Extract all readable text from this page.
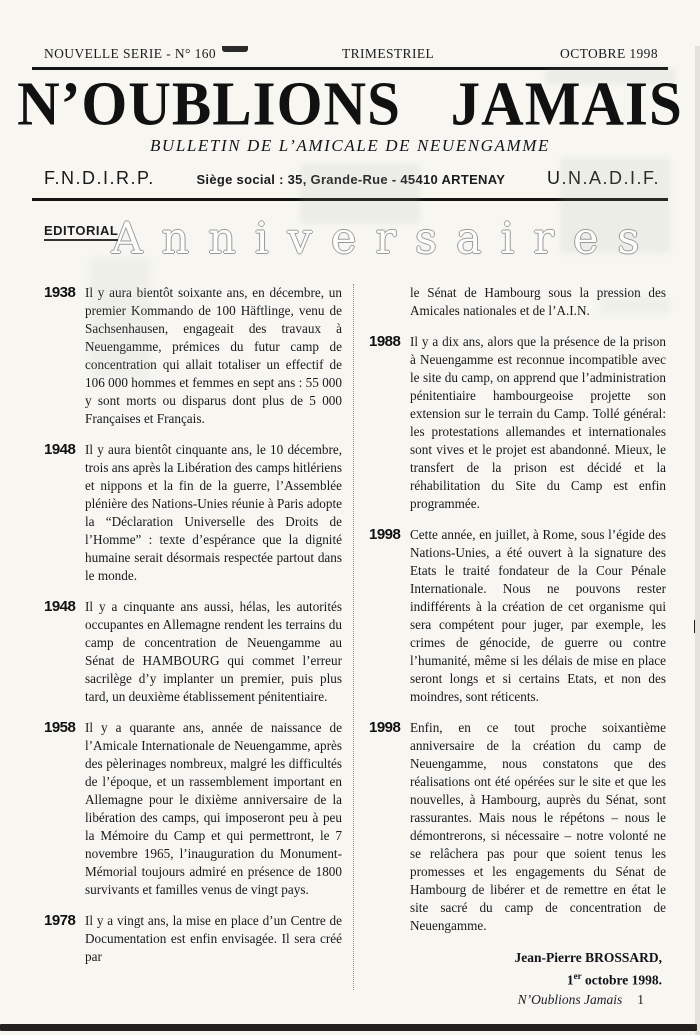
NOUVELLE SERIE - N° 160	TRIMESTRIEL	OCTOBRE 1998
N’OUBLIONS JAMAIS
BULLETIN DE L’AMICALE DE NEUENGAMME
F.N.D.I.R.P.	Siège social : 35, Grande-Rue - 45410 ARTENAY U.N.A.D.I.F.
EDITORIAL
Anniversaires
1938 Il y aura bientôt soixante ans, en décembre, un premier Kommando de 100 Häftlinge, venu de Sachsenhausen, engageait des travaux à Neuengamme, prémices du futur camp de concentration qui allait totaliser un effectif de 106 000 hommes et femmes en sept ans : 55 000 y sont morts ou disparus dont plus de 5 000 Françaises et Français.

1948 Il y aura bientôt cinquante ans, le 10 décembre, trois ans après la Libération des camps hitlériens et nippons et la fin de la guerre, l’Assemblée plénière des Nations-Unies réunie à Paris adopte la “Déclaration Universelle des Droits de l’Homme” : texte d’espérance que la dignité humaine serait désormais respectée partout dans le monde.

1948 Il y a cinquante ans aussi, hélas, les autorités occupantes en Allemagne rendent les terrains du camp de concentration de Neuengamme au Sénat de HAMBOURG qui commet l’erreur sacrilège d’y implanter un premier, puis plus tard, un deuxième établissement pénitentiaire.

1958 Il y a quarante ans, année de naissance de l’Amicale Internationale de Neuengamme, après des pèlerinages nombreux, malgré les difficultés de l’époque, et un rassemblement important en Allemagne pour le dixième anniversaire de la libération des camps, qui imposeront peu à peu la Mémoire du Camp et qui permettront, le 7 novembre 1965, l’inauguration du Monument-Mémorial toujours admiré en présence de 1800 survivants et familles venus de vingt pays.

1978 Il y a vingt ans, la mise en place d’un Centre de Documentation est enfin envisagée. Il sera créé par

le Sénat de Hambourg sous la pression des Amicales nationales et de l’A.I.N.

1988 Il y a dix ans, alors que la présence de la prison à Neuengamme est reconnue incompatible avec le site du camp, on apprend que l’administration pénitentiaire hambourgeoise projette son extension sur le terrain du Camp. Tollé général: les protestations allemandes et internationales sont vives et le projet est abandonné. Mieux, le transfert de la prison est décidé et la réhabilitation du Site du Camp est enfin programmée.

1998 Cette année, en juillet, à Rome, sous l’égide des Nations-Unies, a été ouvert à la signature des Etats le traité fondateur de la Cour Pénale Internationale. Nous ne pouvons rester indifférents à la création de cet organisme qui sera compétent pour juger, par exemple, les crimes de génocide, de guerre ou contre l’humanité, même si les délais de mise en place seront longs et si certains Etats, et non des moindres, sont réticents.

1998 Enfin, en ce tout proche soixantième anniversaire de la création du camp de Neuengamme, nous constatons que des réalisations ont été opérées sur le site et que les nouvelles, à Hambourg, auprès du Sénat, sont rassurantes. Mais nous le répétons – nous le démontrerons, si nécessaire – notre volonté ne se relâchera pas pour que soient tenus les promesses et les engagements du Sénat de Hambourg de libérer et de remettre en état le site sacré du camp de concentration de Neuengamme.

Jean-Pierre BROSSARD,
1er octobre 1998.
N’Oublions Jamais 1
